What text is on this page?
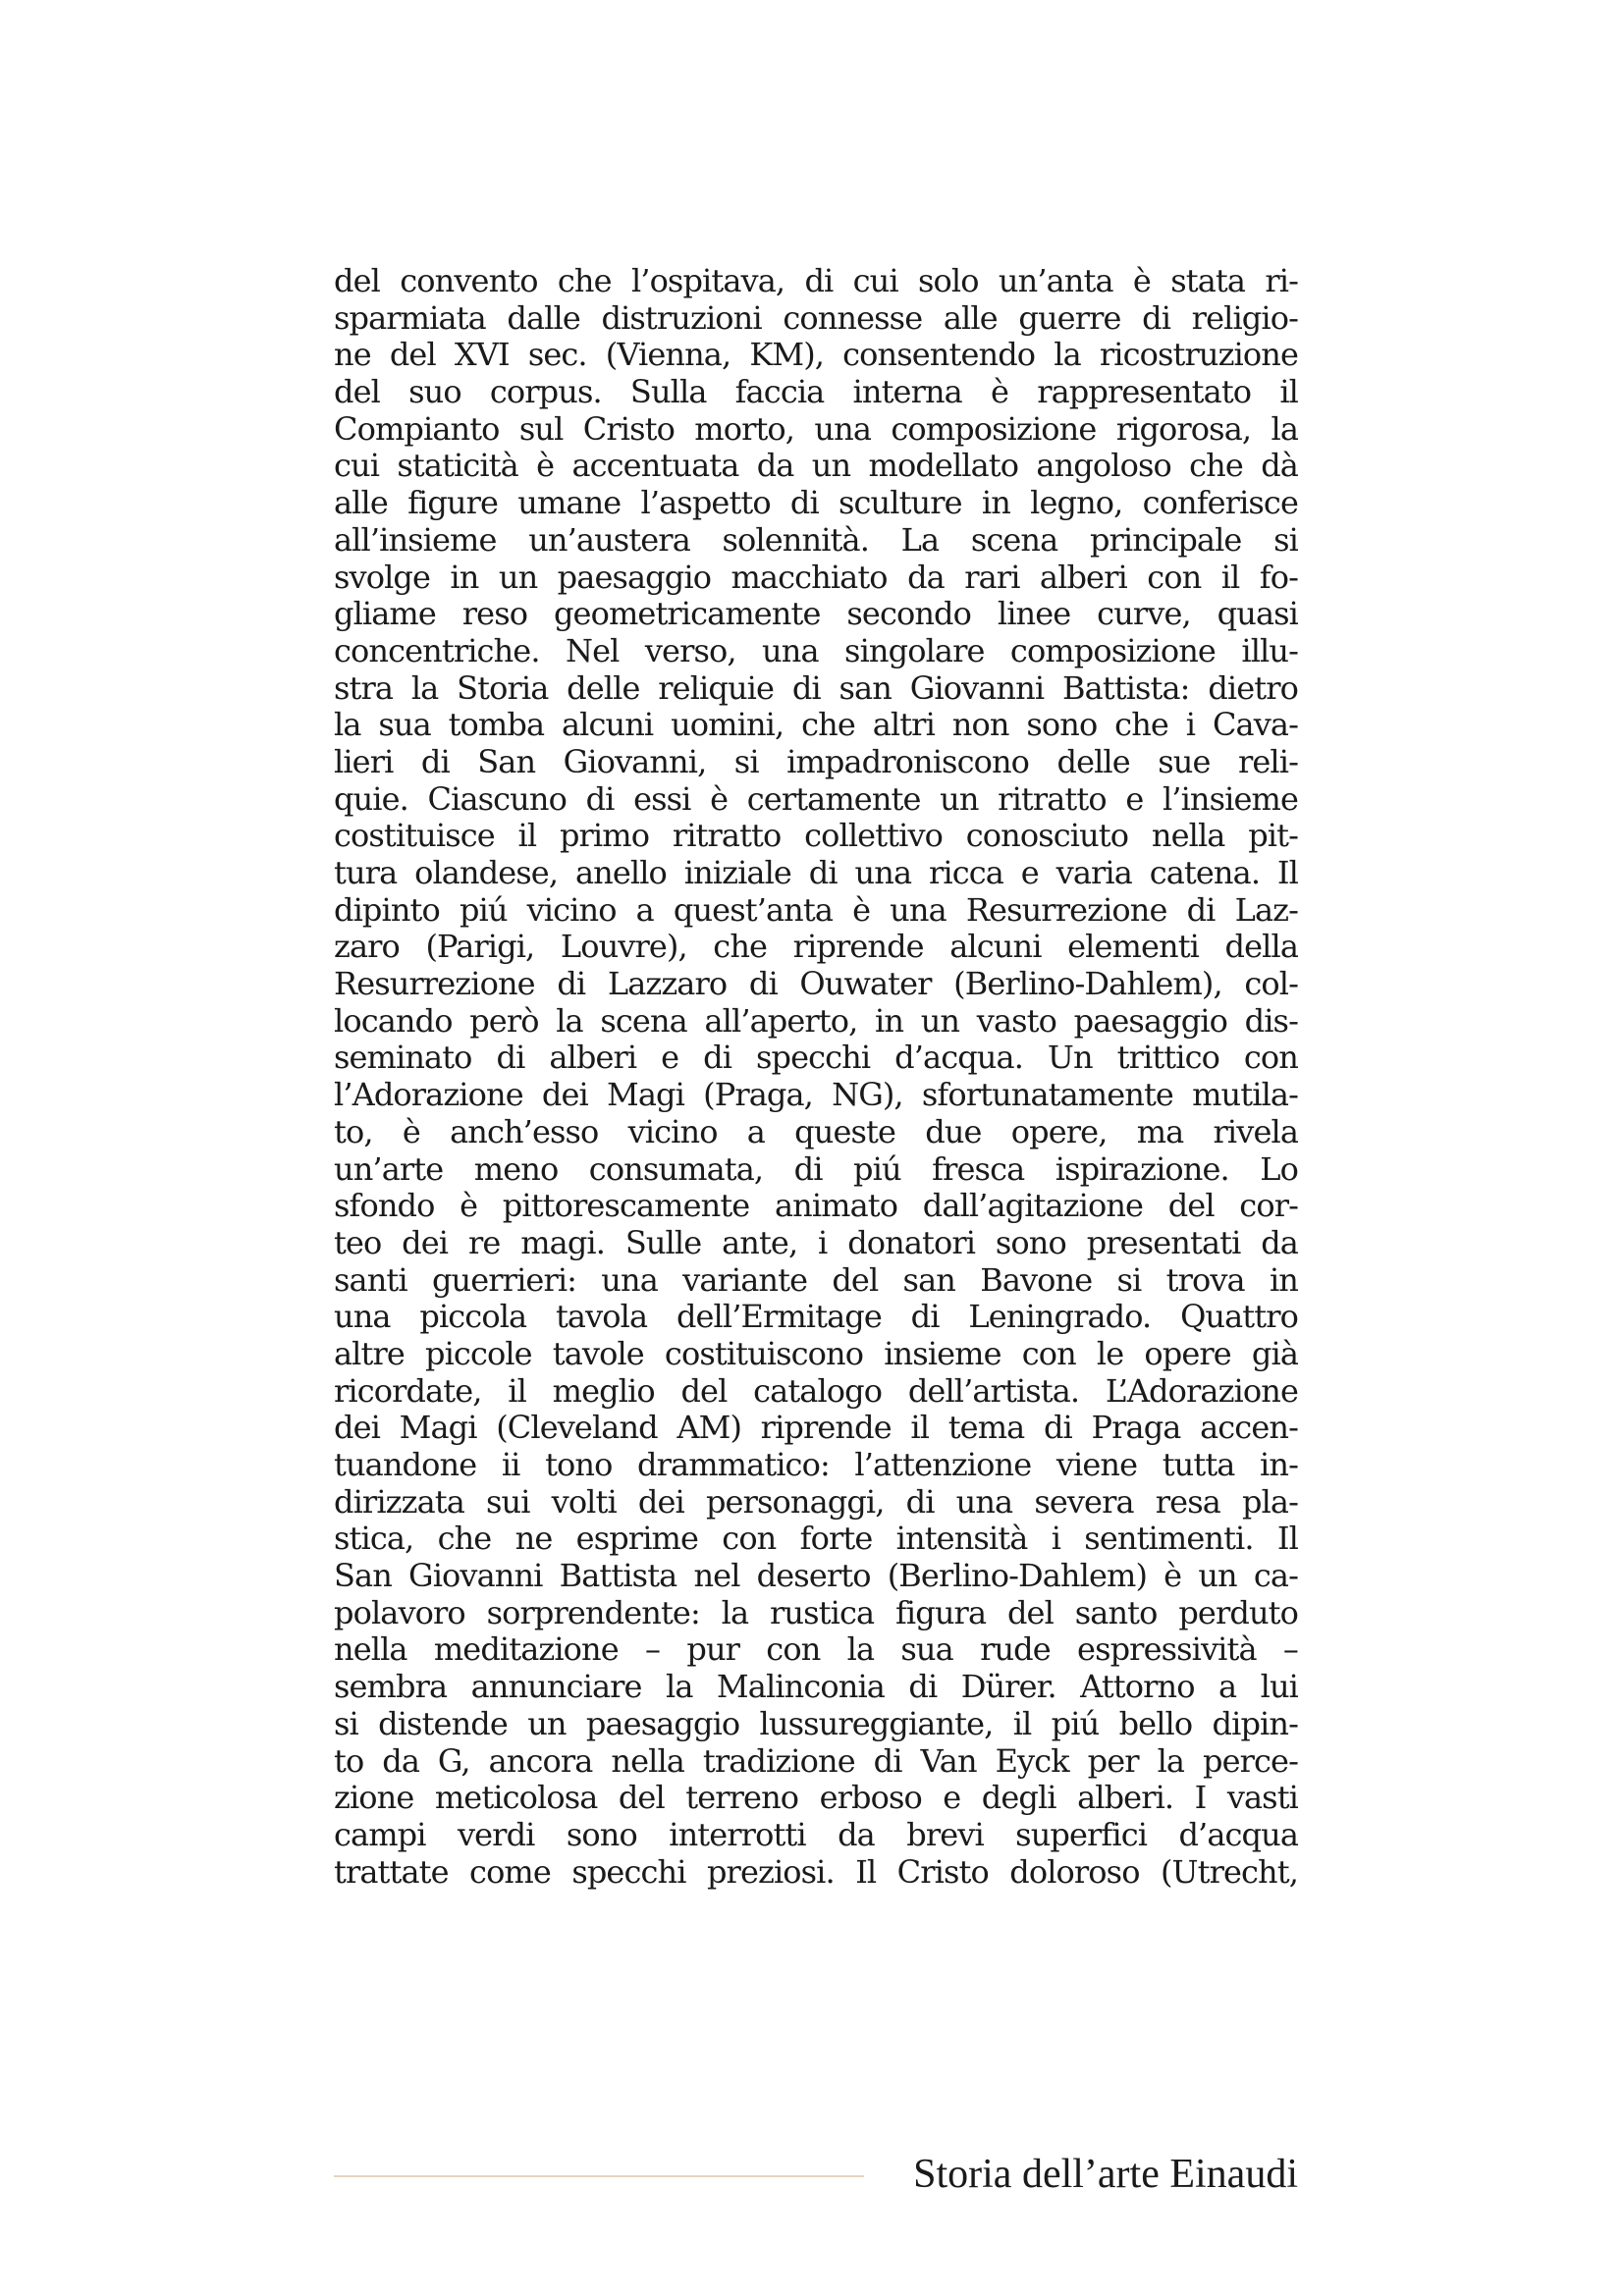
del convento che l’ospitava, di cui solo un’anta è stata ri-
sparmiata dalle distruzioni connesse alle guerre di religio-
ne del XVI sec. (Vienna, KM), consentendo la ricostruzione
del suo corpus. Sulla faccia interna è rappresentato il
Compianto sul Cristo morto, una composizione rigorosa, la
cui staticità è accentuata da un modellato angoloso che dà
alle figure umane l’aspetto di sculture in legno, conferisce
all’insieme un’austera solennità. La scena principale si
svolge in un paesaggio macchiato da rari alberi con il fo-
gliame reso geometricamente secondo linee curve, quasi
concentriche. Nel verso, una singolare composizione illu-
stra la Storia delle reliquie di san Giovanni Battista: dietro
la sua tomba alcuni uomini, che altri non sono che i Cava-
lieri di San Giovanni, si impadroniscono delle sue reli-
quie. Ciascuno di essi è certamente un ritratto e l’insieme
costituisce il primo ritratto collettivo conosciuto nella pit-
tura olandese, anello iniziale di una ricca e varia catena. Il
dipinto piú vicino a quest’anta è una Resurrezione di Laz-
zaro (Parigi, Louvre), che riprende alcuni elementi della
Resurrezione di Lazzaro di Ouwater (Berlino-Dahlem), col-
locando però la scena all’aperto, in un vasto paesaggio dis-
seminato di alberi e di specchi d’acqua. Un trittico con
l’Adorazione dei Magi (Praga, NG), sfortunatamente mutila-
to, è anch’esso vicino a queste due opere, ma rivela
un’arte meno consumata, di piú fresca ispirazione. Lo
sfondo è pittorescamente animato dall’agitazione del cor-
teo dei re magi. Sulle ante, i donatori sono presentati da
santi guerrieri: una variante del san Bavone si trova in
una piccola tavola dell’Ermitage di Leningrado. Quattro
altre piccole tavole costituiscono insieme con le opere già
ricordate, il meglio del catalogo dell’artista. L’Adorazione
dei Magi (Cleveland AM) riprende il tema di Praga accen-
tuandone ii tono drammatico: l’attenzione viene tutta in-
dirizzata sui volti dei personaggi, di una severa resa pla-
stica, che ne esprime con forte intensità i sentimenti. Il
San Giovanni Battista nel deserto (Berlino-Dahlem) è un ca-
polavoro sorprendente: la rustica figura del santo perduto
nella meditazione – pur con la sua rude espressività –
sembra annunciare la Malinconia di Dürer. Attorno a lui
si distende un paesaggio lussureggiante, il piú bello dipin-
to da G, ancora nella tradizione di Van Eyck per la perce-
zione meticolosa del terreno erboso e degli alberi. I vasti
campi verdi sono interrotti da brevi superfici d’acqua
trattate come specchi preziosi. Il Cristo doloroso (Utrecht,
Storia dell’arte Einaudi
